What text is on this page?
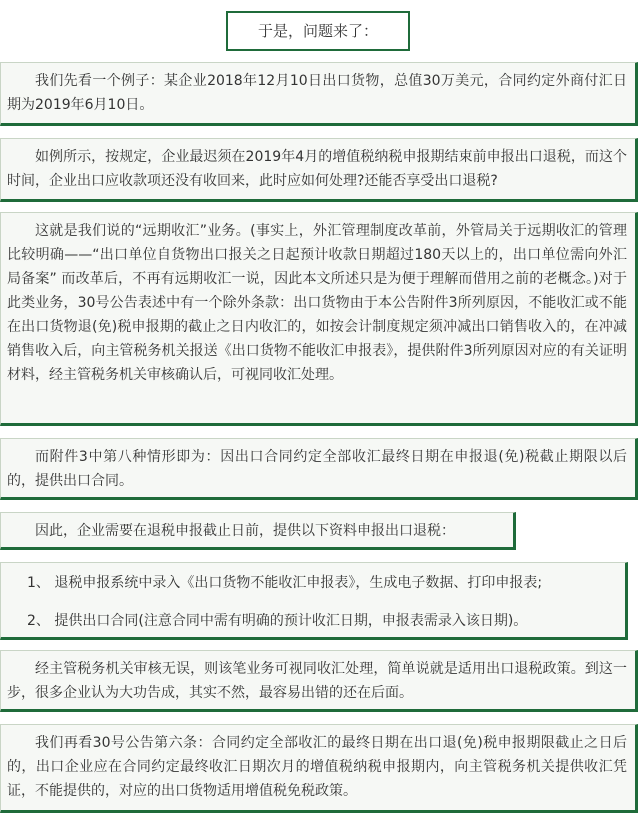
于是，问题来了：

我们先看一个例子：某企业2018年12月10日出口货物，总值30万美元，合同约定外商付汇日期为2019年6月10日。

如例所示，按规定，企业最迟须在2019年4月的增值税纳税申报期结束前申报出口退税，而这个时间，企业出口应收款项还没有收回来，此时应如何处理?还能否享受出口退税?

这就是我们说的“远期收汇”业务。(事实上，外汇管理制度改革前，外管局关于远期收汇的管理比较明确——“出口单位自货物出口报关之日起预计收款日期超过180天以上的，出口单位需向外汇局备案” 而改革后，不再有远期收汇一说，因此本文所述只是为便于理解而借用之前的老概念。)对于此类业务，30号公告表述中有一个除外条款：出口货物由于本公告附件3所列原因，不能收汇或不能在出口货物退(免)税申报期的截止之日内收汇的，如按会计制度规定须冲减出口销售收入的，在冲减销售收入后，向主管税务机关报送《出口货物不能收汇申报表》，提供附件3所列原因对应的有关证明材料，经主管税务机关审核确认后，可视同收汇处理。

而附件3中第八种情形即为：因出口合同约定全部收汇最终日期在申报退(免)税截止期限以后的，提供出口合同。

因此，企业需要在退税申报截止日前，提供以下资料申报出口退税：

1、 退税申报系统中录入《出口货物不能收汇申报表》，生成电子数据、打印申报表;

2、 提供出口合同(注意合同中需有明确的预计收汇日期，申报表需录入该日期)。

经主管税务机关审核无误，则该笔业务可视同收汇处理，简单说就是适用出口退税政策。到这一步，很多企业认为大功告成，其实不然，最容易出错的还在后面。

我们再看30号公告第六条：合同约定全部收汇的最终日期在出口退(免)税申报期限截止之日后的，出口企业应在合同约定最终收汇日期次月的增值税纳税申报期内，向主管税务机关提供收汇凭证，不能提供的，对应的出口货物适用增值税免税政策。
